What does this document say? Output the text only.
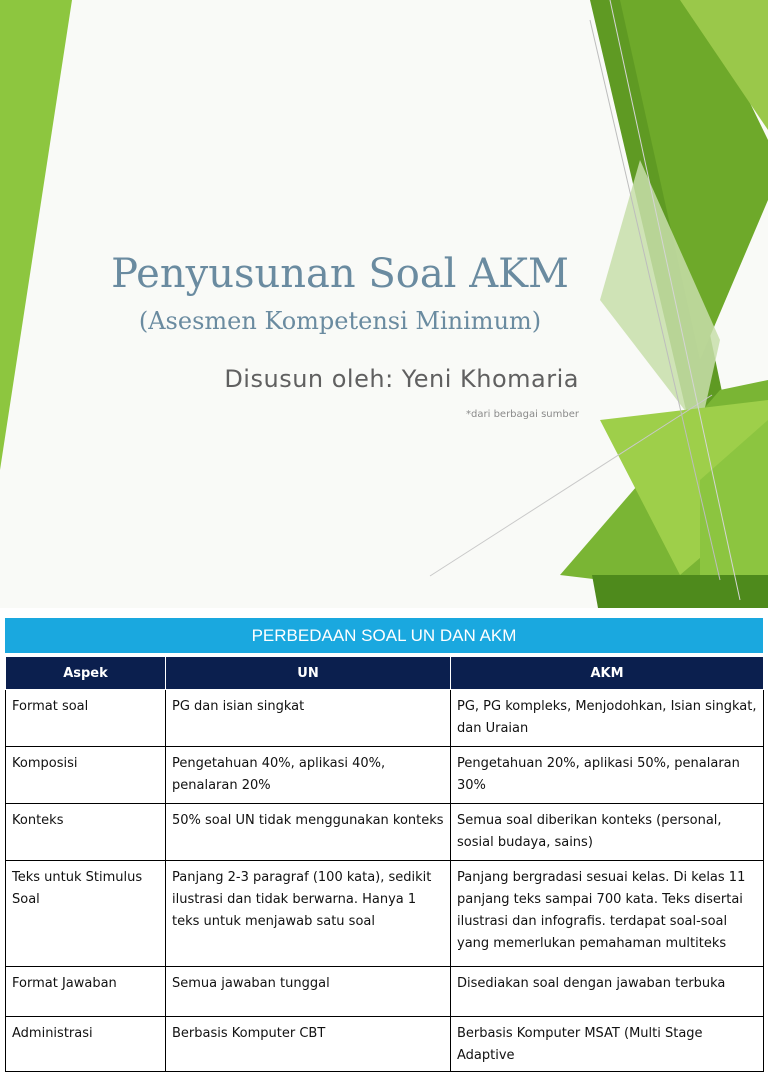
Penyusunan Soal AKM
(Asesmen Kompetensi Minimum)
Disusun oleh: Yeni Khomaria
*dari berbagai sumber
PERBEDAAN SOAL UN DAN AKM
Aspek	UN	AKM
Format soal	PG dan isian singkat	PG, PG kompleks, Menjodohkan, Isian singkat, dan Uraian
Komposisi	Pengetahuan 40%, aplikasi 40%, penalaran 20%	Pengetahuan 20%, aplikasi 50%, penalaran 30%
Konteks	50% soal UN tidak menggunakan konteks	Semua soal diberikan konteks (personal, sosial budaya, sains)
Teks untuk Stimulus Soal	Panjang 2-3 paragraf (100 kata), sedikit ilustrasi dan tidak berwarna. Hanya 1 teks untuk menjawab satu soal	Panjang bergradasi sesuai kelas. Di kelas 11 panjang teks sampai 700 kata. Teks disertai ilustrasi dan infografis. terdapat soal-soal yang memerlukan pemahaman multiteks
Format Jawaban	Semua jawaban tunggal	Disediakan soal dengan jawaban terbuka
Administrasi	Berbasis Komputer CBT	Berbasis Komputer MSAT (Multi Stage Adaptive
